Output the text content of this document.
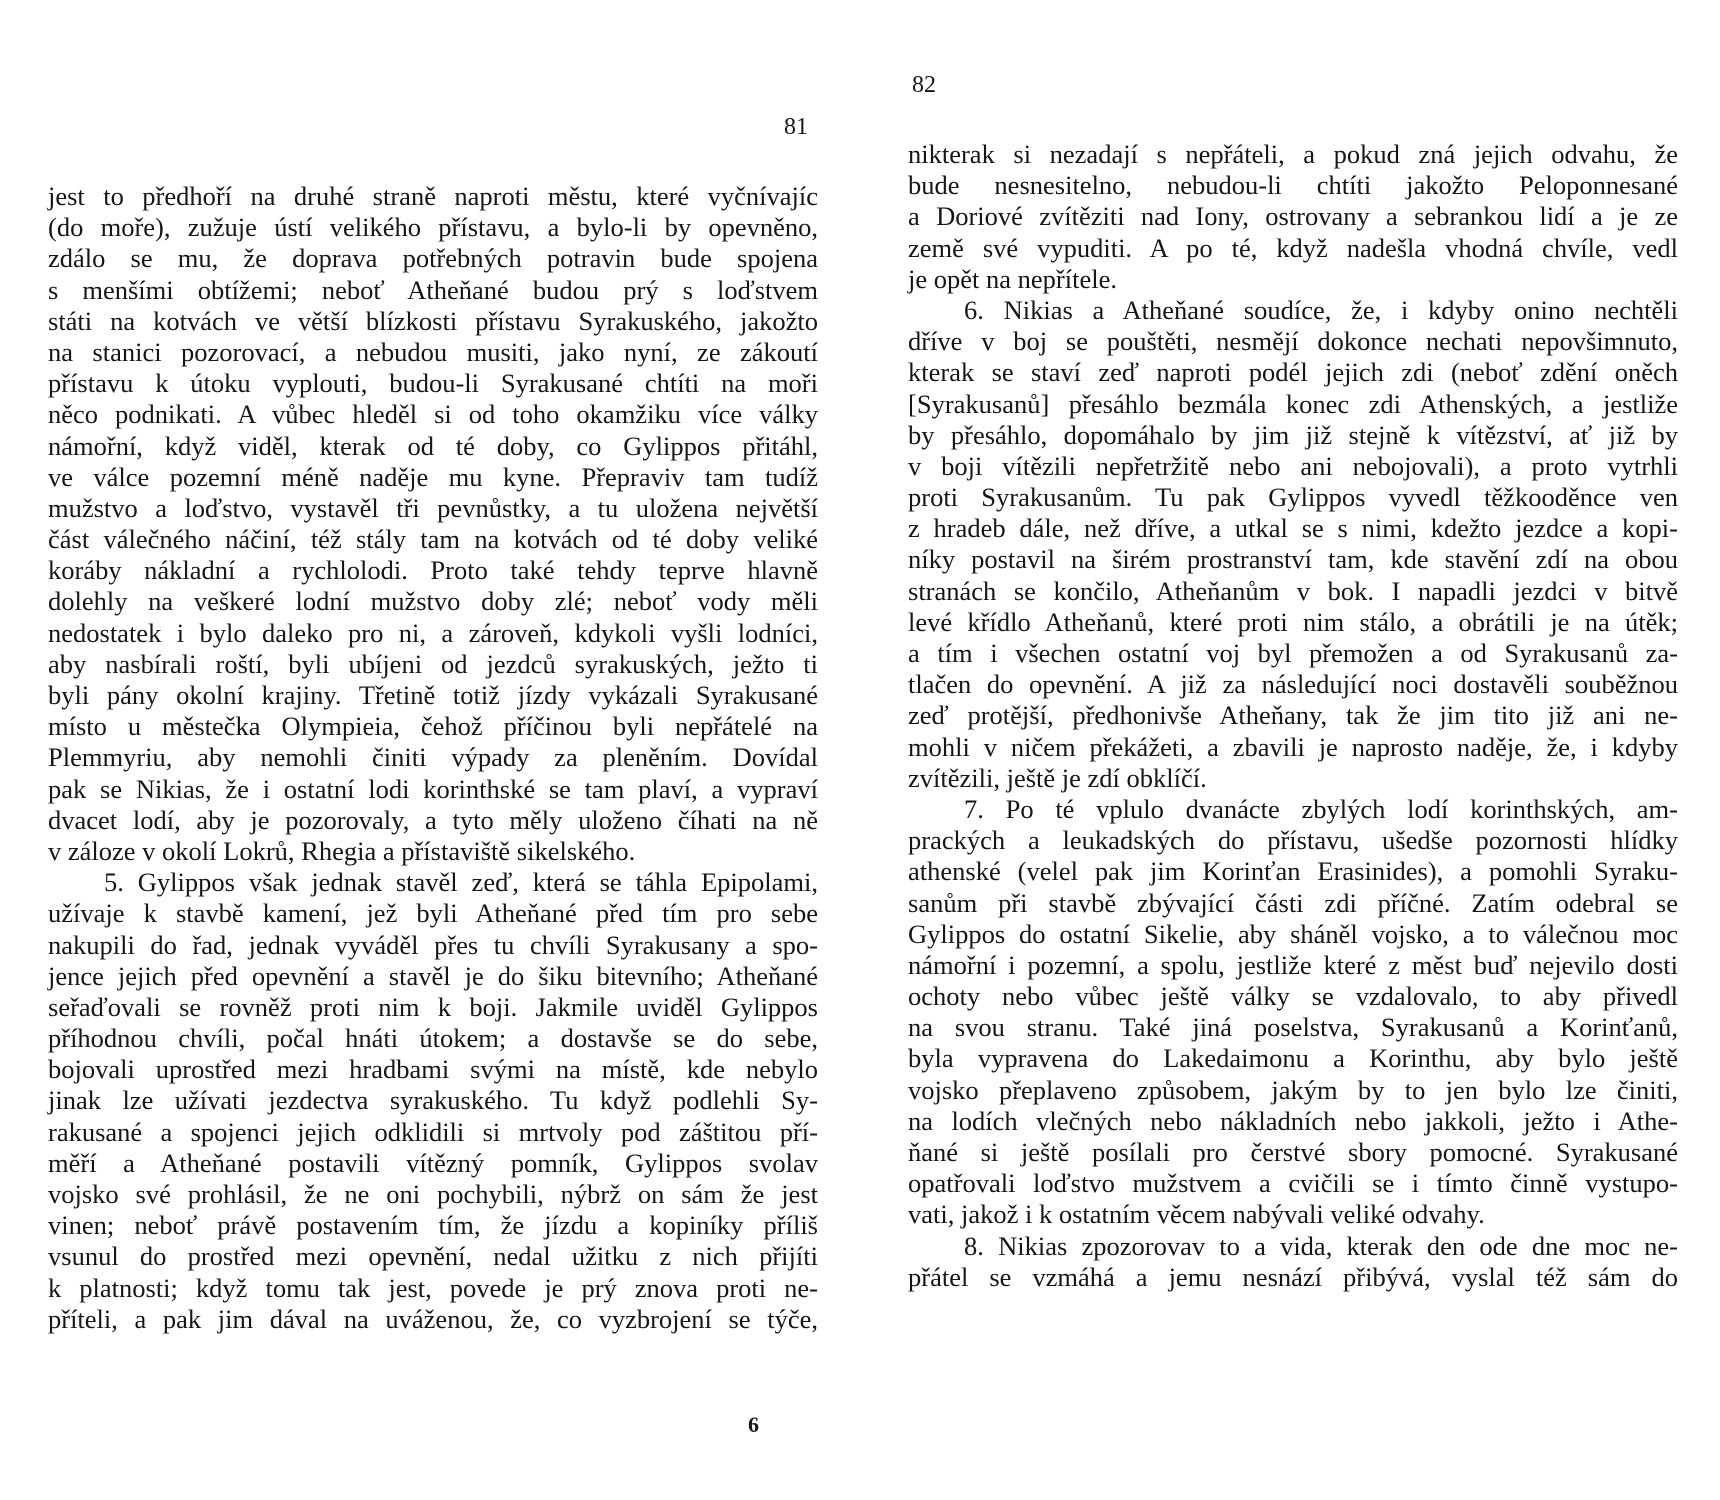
81
jest to předhoří na druhé straně naproti městu, které vyčnívajíc
(do moře), zužuje ústí velikého přístavu, a bylo-li by opevněno,
zdálo se mu, že doprava potřebných potravin bude spojena
s menšími obtížemi; neboť Atheňané budou prý s loďstvem
státi na kotvách ve větší blízkosti přístavu Syrakuského, jakožto
na stanici pozorovací, a nebudou musiti, jako nyní, ze zákoutí
přístavu k útoku vyplouti, budou-li Syrakusané chtíti na moři
něco podnikati. A vůbec hleděl si od toho okamžiku více války
námořní, když viděl, kterak od té doby, co Gylippos přitáhl,
ve válce pozemní méně naděje mu kyne. Přepraviv tam tudíž
mužstvo a loďstvo, vystavěl tři pevnůstky, a tu uložena největší
část válečného náčiní, též stály tam na kotvách od té doby veliké
koráby nákladní a rychlolodi. Proto také tehdy teprve hlavně
dolehly na veškeré lodní mužstvo doby zlé; neboť vody měli
nedostatek i bylo daleko pro ni, a zároveň, kdykoli vyšli lodníci,
aby nasbírali roští, byli ubíjeni od jezdců syrakuských, ježto ti
byli pány okolní krajiny. Třetině totiž jízdy vykázali Syrakusané
místo u městečka Olympieia, čehož příčinou byli nepřátelé na
Plemmyriu, aby nemohli činiti výpady za pleněním. Dovídal
pak se Nikias, že i ostatní lodi korinthské se tam plaví, a vypraví
dvacet lodí, aby je pozorovaly, a tyto měly uloženo číhati na ně
v záloze v okolí Lokrů, Rhegia a přístaviště sikelského.
5. Gylippos však jednak stavěl zeď, která se táhla Epipolami,
užívaje k stavbě kamení, jež byli Atheňané před tím pro sebe
nakupili do řad, jednak vyváděl přes tu chvíli Syrakusany a spo-
jence jejich před opevnění a stavěl je do šiku bitevního; Atheňané
seřaďovali se rovněž proti nim k boji. Jakmile uviděl Gylippos
příhodnou chvíli, počal hnáti útokem; a dostavše se do sebe,
bojovali uprostřed mezi hradbami svými na místě, kde nebylo
jinak lze užívati jezdectva syrakuského. Tu když podlehli Sy-
rakusané a spojenci jejich odklidili si mrtvoly pod záštitou pří-
měří a Atheňané postavili vítězný pomník, Gylippos svolav
vojsko své prohlásil, že ne oni pochybili, nýbrž on sám že jest
vinen; neboť právě postavením tím, že jízdu a kopiníky příliš
vsunul do prostřed mezi opevnění, nedal užitku z nich přijíti
k platnosti; když tomu tak jest, povede je prý znova proti ne-
příteli, a pak jim dával na uváženou, že, co vyzbrojení se týče,
6
82
nikterak si nezadají s nepřáteli, a pokud zná jejich odvahu, že
bude nesnesitelno, nebudou-li chtíti jakožto Peloponnesané
a Doriové zvítěziti nad Iony, ostrovany a sebrankou lidí a je ze
země své vypuditi. A po té, když nadešla vhodná chvíle, vedl
je opět na nepřítele.
6. Nikias a Atheňané soudíce, že, i kdyby onino nechtěli
dříve v boj se pouštěti, nesmějí dokonce nechati nepovšimnuto,
kterak se staví zeď naproti podél jejich zdi (neboť zdění oněch
[Syrakusanů] přesáhlo bezmála konec zdi Athenských, a jestliže
by přesáhlo, dopomáhalo by jim již stejně k vítězství, ať již by
v boji vítězili nepřetržitě nebo ani nebojovali), a proto vytrhli
proti Syrakusanům. Tu pak Gylippos vyvedl těžkooděnce ven
z hradeb dále, než dříve, a utkal se s nimi, kdežto jezdce a kopi-
níky postavil na širém prostranství tam, kde stavění zdí na obou
stranách se končilo, Atheňanům v bok. I napadli jezdci v bitvě
levé křídlo Atheňanů, které proti nim stálo, a obrátili je na útěk;
a tím i všechen ostatní voj byl přemožen a od Syrakusanů za-
tlačen do opevnění. A již za následující noci dostavěli souběžnou
zeď protější, předhonivše Atheňany, tak že jim tito již ani ne-
mohli v ničem překážeti, a zbavili je naprosto naděje, že, i kdyby
zvítězili, ještě je zdí obklíčí.
7. Po té vplulo dvanácte zbylých lodí korinthských, am-
prackých a leukadských do přístavu, ušedše pozornosti hlídky
athenské (velel pak jim Korinťan Erasinides), a pomohli Syraku-
sanům při stavbě zbývající části zdi příčné. Zatím odebral se
Gylippos do ostatní Sikelie, aby sháněl vojsko, a to válečnou moc
námořní i pozemní, a spolu, jestliže které z měst buď nejevilo dosti
ochoty nebo vůbec ještě války se vzdalovalo, to aby přivedl
na svou stranu. Také jiná poselstva, Syrakusanů a Korinťanů,
byla vypravena do Lakedaimonu a Korinthu, aby bylo ještě
vojsko přeplaveno způsobem, jakým by to jen bylo lze činiti,
na lodích vlečných nebo nákladních nebo jakkoli, ježto i Athe-
ňané si ještě posílali pro čerstvé sbory pomocné. Syrakusané
opatřovali loďstvo mužstvem a cvičili se i tímto činně vystupo-
vati, jakož i k ostatním věcem nabývali veliké odvahy.
8. Nikias zpozorovav to a vida, kterak den ode dne moc ne-
přátel se vzmáhá a jemu nesnází přibývá, vyslal též sám do
